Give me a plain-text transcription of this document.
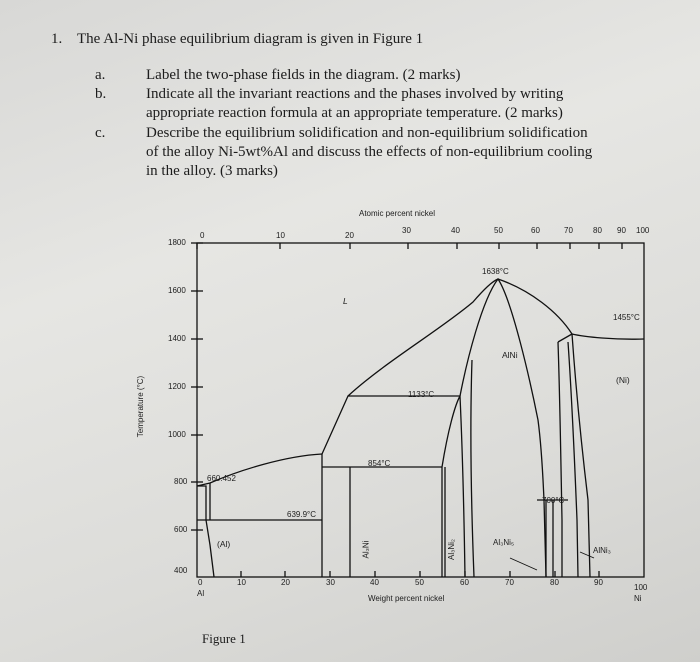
1. The Al-Ni phase equilibrium diagram is given in Figure 1
a.	Label the two-phase fields in the diagram. (2 marks)
b.	Indicate all the invariant reactions and the phases involved by writing
appropriate reaction formula at an appropriate temperature. (2 marks)
c.	Describe the equilibrium solidification and non-equilibrium solidification
of the alloy Ni-5wt%Al and discuss the effects of non-equilibrium cooling
in the alloy. (3 marks)
Atomic percent nickel
0	10	20
30	40	50	60	70	80 90 100
1800
1600
1400
1200
1000
800
600
400
Temperature (°C)
0	10	20	30	40	50	60	70	80	90
100
Al
Ni
Weight percent nickel
1638°C
1455°C
1133°C
854°C
700°C
660.452
639.9°C
L
AlNi
(Ni)
(Al)	Al₃Ni	Al₃Ni₂	Al₃Ni₅
AlNi₃
Figure 1
